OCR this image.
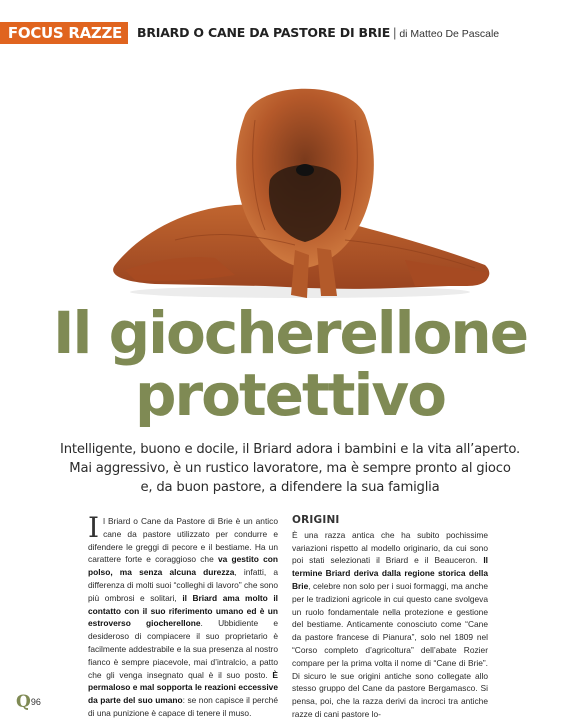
FOCUS RAZZE	BRIARD O CANE DA PASTORE DI BRIE | di Matteo De Pascale
Il giocherellone
protettivo
Intelligente, buono e docile, il Briard adora i bambini e la vita all’aperto.
Mai aggressivo, è un rustico lavoratore, ma è sempre pronto al gioco
e, da buon pastore, a difendere la sua famiglia
Il Briard o Cane da Pastore di Brie è un antico cane da pastore utilizzato per condurre e difendere le greggi di pecore e il bestiame. Ha un carattere forte e coraggioso che va gestito con polso, ma senza alcuna durezza, infatti, a differenza di molti suoi “colleghi di lavoro” che sono più ombrosi e solitari, il Briard ama molto il contatto con il suo riferimento umano ed è un estroverso giocherellone. Ubbidiente e desideroso di compiacere il suo proprietario è facilmente addestrabile e la sua presenza al nostro fianco è sempre piacevole, mai d’intralcio, a patto che gli venga insegnato qual è il suo posto. È permaloso e mal sopporta le reazioni eccessive da parte del suo umano: se non capisce il perché di una punizione è capace di tenere il muso.
ORIGINI
È una razza antica che ha subito pochissime variazioni rispetto al modello originario, da cui sono poi stati selezionati il Briard e il Beauceron. Il termine Briard deriva dalla regione storica della Brie, celebre non solo per i suoi formaggi, ma anche per le tradizioni agricole in cui questo cane svolgeva un ruolo fondamentale nella protezione e gestione del bestiame. Anticamente conosciuto come “Cane da pastore francese di Pianura”, solo nel 1809 nel “Corso completo d’agricoltura” dell’abate Rozier compare per la prima volta il nome di “Cane di Brie”. Di sicuro le sue origini antiche sono collegate allo stesso gruppo del Cane da pastore Bergamasco. Si pensa, poi, che la razza derivi da incroci tra antiche razze di cani pastore lo-
Q96
